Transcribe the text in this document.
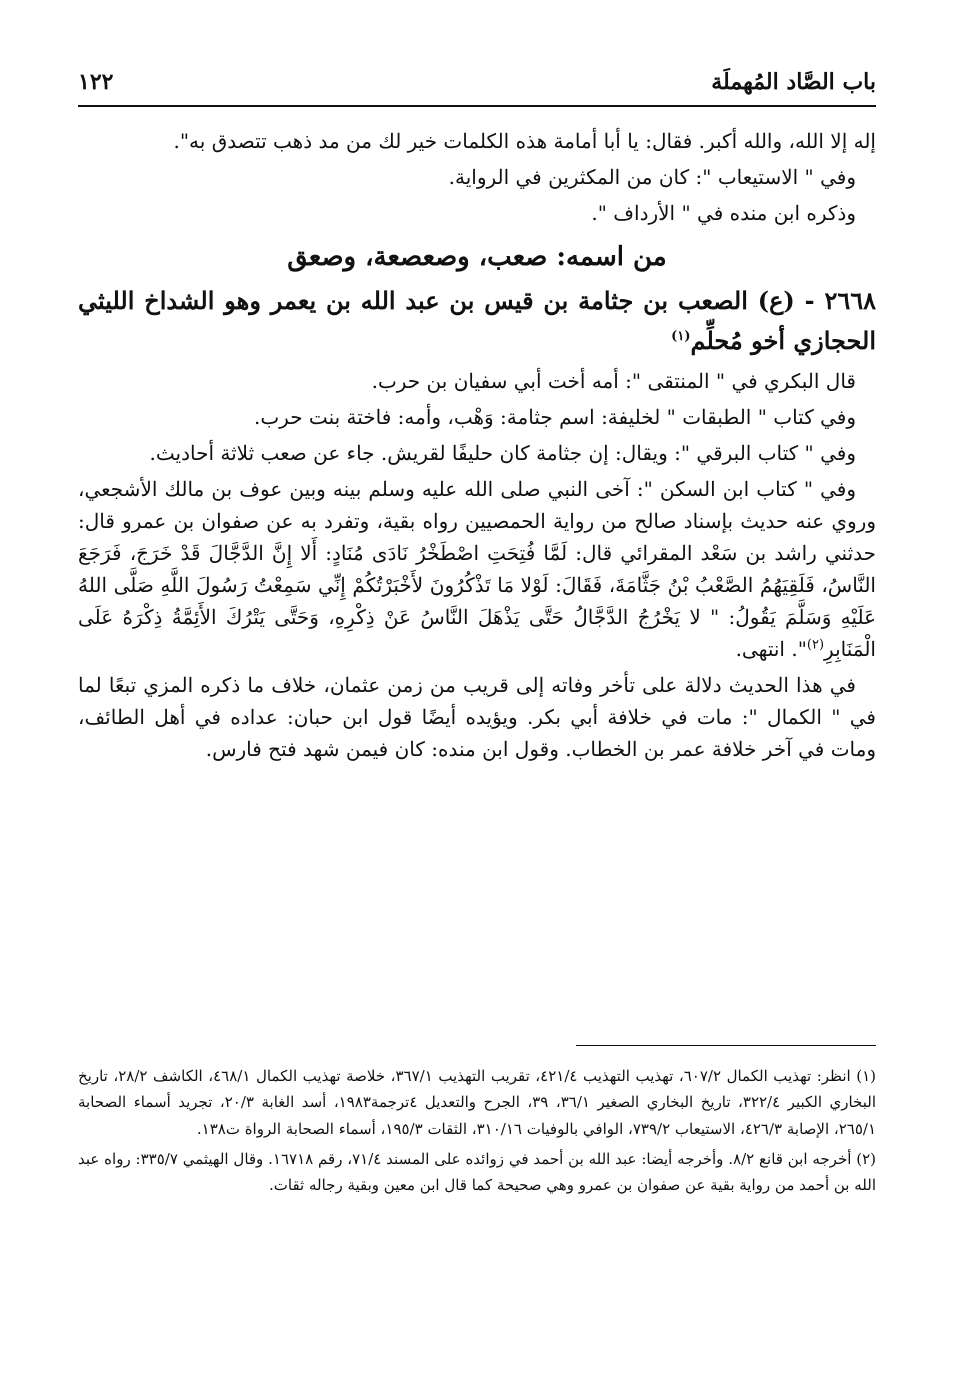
باب الصَّاد المُهملَة
١٢٢

إله إلا الله، والله أكبر. فقال: يا أبا أمامة هذه الكلمات خير لك من مد ذهب تتصدق به".

وفي " الاستيعاب ": كان من المكثرين في الرواية.

وذكره ابن منده في " الأرداف ".

من اسمه: صعب، وصعصعة، وصعق

٢٦٦٨ - (ع) الصعب بن جثامة بن قيس بن عبد الله بن يعمر وهو الشداخ الليثي الحجازي أخو مُحلِّم$^{(١)}$

قال البكري في " المنتقى ": أمه أخت أبي سفيان بن حرب.

وفي كتاب " الطبقات " لخليفة: اسم جثامة: وَهْب، وأمه: فاختة بنت حرب.

وفي " كتاب البرقي ": ويقال: إن جثامة كان حليفًا لقريش. جاء عن صعب ثلاثة أحاديث.

وفي " كتاب ابن السكن ": آخى النبي صلى الله عليه وسلم بينه وبين عوف بن مالك الأشجعي، وروي عنه حديث بإسناد صالح من رواية الحمصيين رواه بقية، وتفرد به عن صفوان بن عمرو قال: حدثني راشد بن سَعْد المقرائي قال: لَمَّا فُتِحَتِ اصْطَخْرُ نَادَى مُنَادٍ: أَلا إِنَّ الدَّجَّالَ قَدْ خَرَجَ، فَرَجَعَ النَّاسُ، فَلَقِيَهُمُ الصَّعْبُ بْنُ جَثَّامَةَ، فَقَالَ: لَوْلا مَا تَذْكُرُونَ لأَخْبَرْتُكُمْ إِنِّي سَمِعْتُ رَسُولَ اللَّهِ صَلَّى اللهُ عَلَيْهِ وَسَلَّمَ يَقُولُ: " لا يَخْرُجُ الدَّجَّالُ حَتَّى يَذْهَلَ النَّاسُ عَنْ ذِكْرِهِ، وَحَتَّى يَتْرُكَ الأَئِمَّةُ ذِكْرَهُ عَلَى الْمَنَابِرِ$^{(٢)}$". انتهى.

في هذا الحديث دلالة على تأخر وفاته إلى قريب من زمن عثمان، خلاف ما ذكره المزي تبعًا لما في " الكمال ": مات في خلافة أبي بكر. ويؤيده أيضًا قول ابن حبان: عداده في أهل الطائف، ومات في آخر خلافة عمر بن الخطاب. وقول ابن منده: كان فيمن شهد فتح فارس.

(١) انظر: تهذيب الكمال ٦٠٧/٢، تهذيب التهذيب ٤٢١/٤، تقريب التهذيب ٣٦٧/١، خلاصة تهذيب الكمال ٤٦٨/١، الكاشف ٢٨/٢، تاريخ البخاري الكبير ٣٢٢/٤، تاريخ البخاري الصغير ٣٦/١، ٣٩، الجرح والتعديل ٤ترجمة١٩٨٣، أسد الغابة ٢٠/٣، تجريد أسماء الصحابة ٢٦٥/١، الإصابة ٤٢٦/٣، الاستيعاب ٧٣٩/٢، الوافي بالوفيات ٣١٠/١٦، الثقات ١٩٥/٣، أسماء الصحابة الرواة ت١٣٨.

(٢) أخرجه ابن قانع ٨/٢. وأخرجه أيضا: عبد الله بن أحمد في زوائده على المسند ٧١/٤، رقم ١٦٧١٨. وقال الهيثمي ٣٣٥/٧: رواه عبد الله بن أحمد من رواية بقية عن صفوان بن عمرو وهي صحيحة كما قال ابن معين وبقية رجاله ثقات.
